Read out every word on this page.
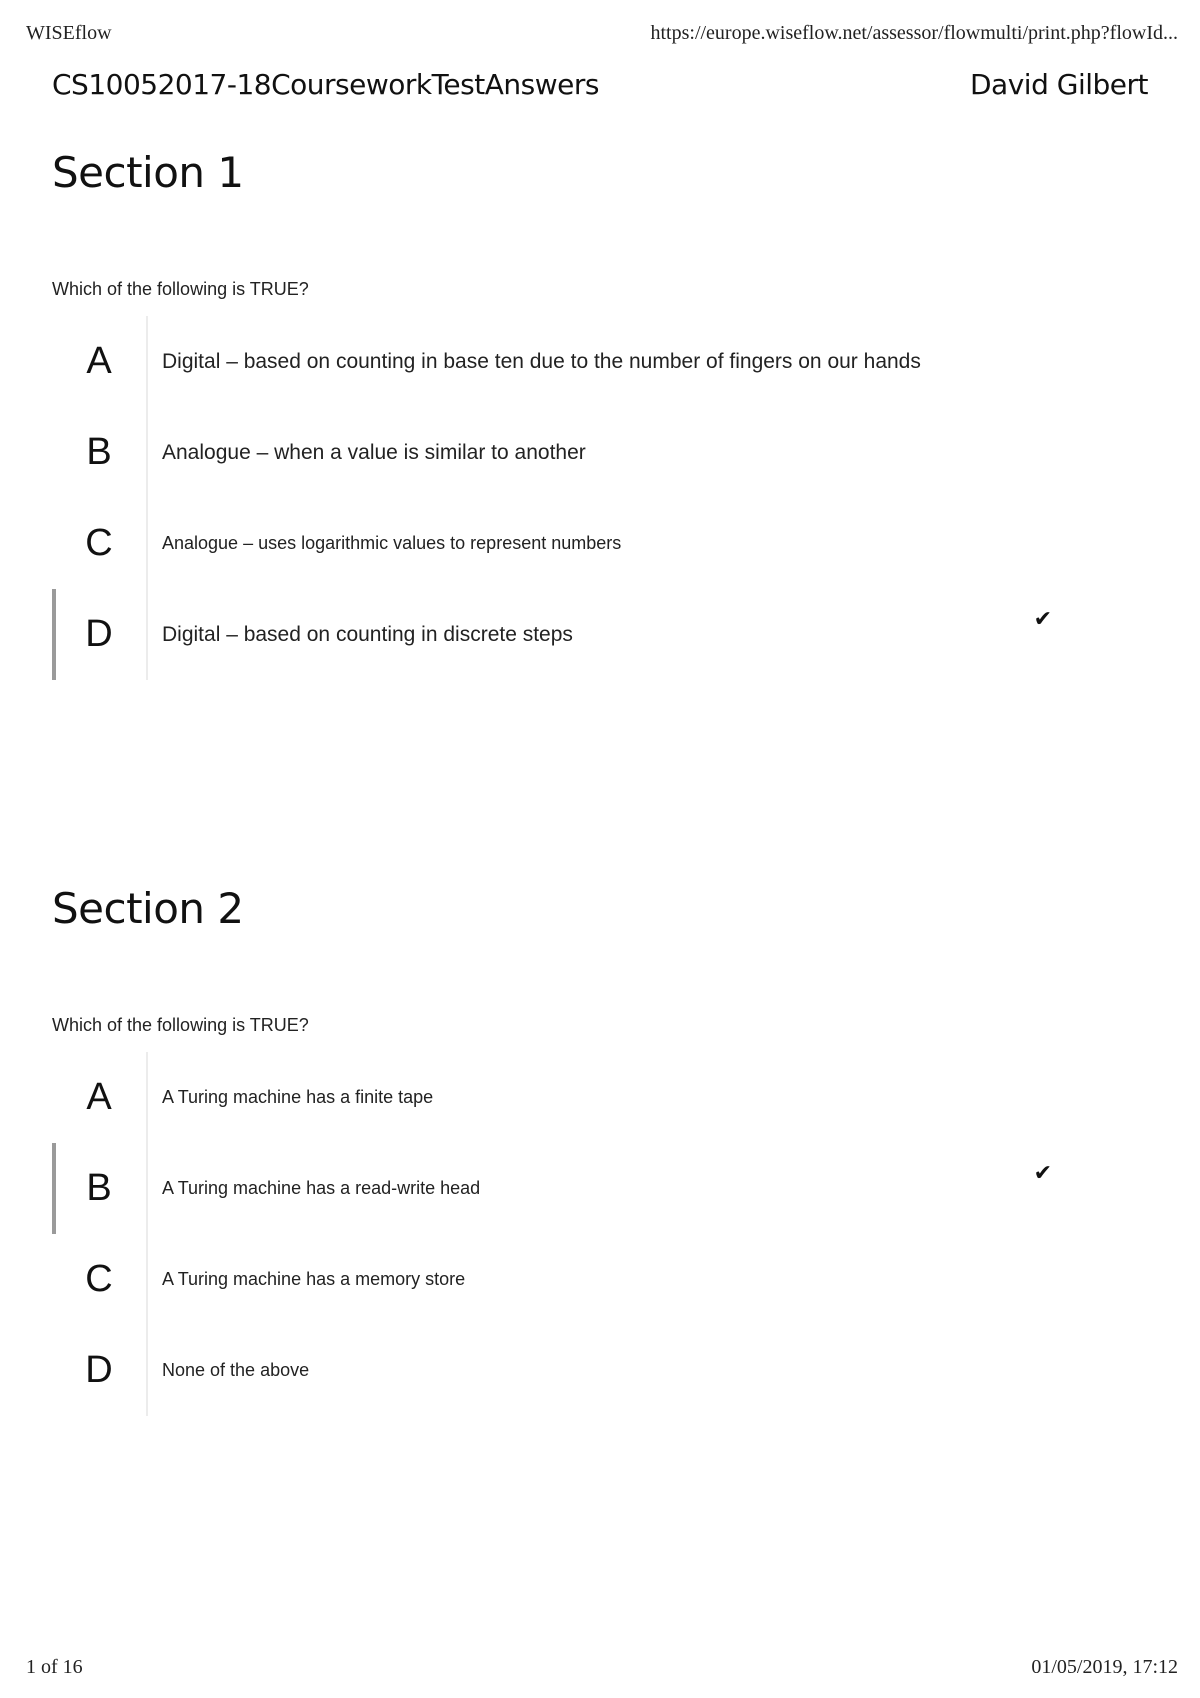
WISEflow	https://europe.wiseflow.net/assessor/flowmulti/print.php?flowId...
CS10052017-18CourseworkTestAnswers	David Gilbert
Section 1

Which of the following is TRUE?

A	Digital – based on counting in base ten due to the number of fingers on our hands
B	Analogue – when a value is similar to another
C	Analogue – uses logarithmic values to represent numbers
D	Digital – based on counting in discrete steps
✔
Section 2

Which of the following is TRUE?

A	A Turing machine has a finite tape
B	A Turing machine has a read-write head
✔
C	A Turing machine has a memory store
D	None of the above
1 of 16	01/05/2019, 17:12
